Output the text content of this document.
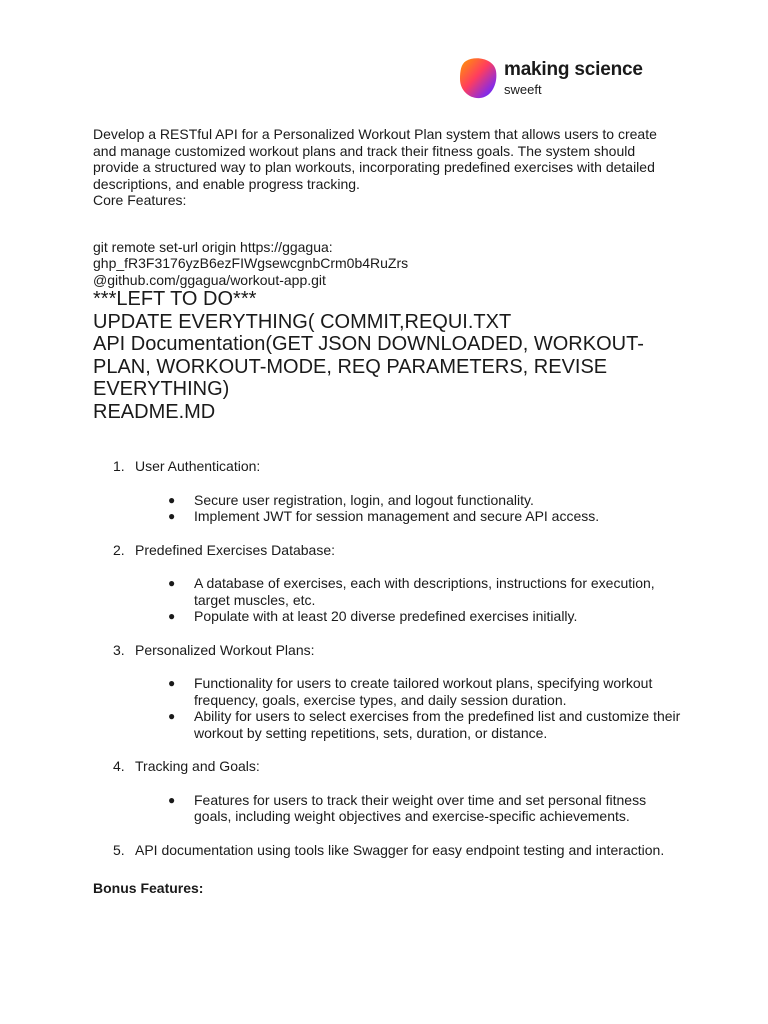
making science
sweeft

Develop a RESTful API for a Personalized Workout Plan system that allows users to create and manage customized workout plans and track their fitness goals. The system should provide a structured way to plan workouts, incorporating predefined exercises with detailed descriptions, and enable progress tracking.

Core Features:

git remote set-url origin https://ggagua:

ghp_fR3F3176yzB6ezFIWgsewcgnbCrm0b4RuZrs

@github.com/ggagua/workout-app.git

***LEFT TO DO***

UPDATE EVERYTHING( COMMIT,REQUI.TXT

API Documentation(GET JSON DOWNLOADED, WORKOUT-PLAN, WORKOUT-MODE, REQ PARAMETERS, REVISE EVERYTHING)

README.MD

1. User Authentication:
●	Secure user registration, login, and logout functionality.
●	Implement JWT for session management and secure API access.
2. Predefined Exercises Database:
●	A database of exercises, each with descriptions, instructions for execution, target muscles, etc.
●	Populate with at least 20 diverse predefined exercises initially.
3. Personalized Workout Plans:
●	Functionality for users to create tailored workout plans, specifying workout frequency, goals, exercise types, and daily session duration.
●	Ability for users to select exercises from the predefined list and customize their workout by setting repetitions, sets, duration, or distance.
4. Tracking and Goals:
●	Features for users to track their weight over time and set personal fitness goals, including weight objectives and exercise-specific achievements.
5. API documentation using tools like Swagger for easy endpoint testing and interaction.
Bonus Features:
